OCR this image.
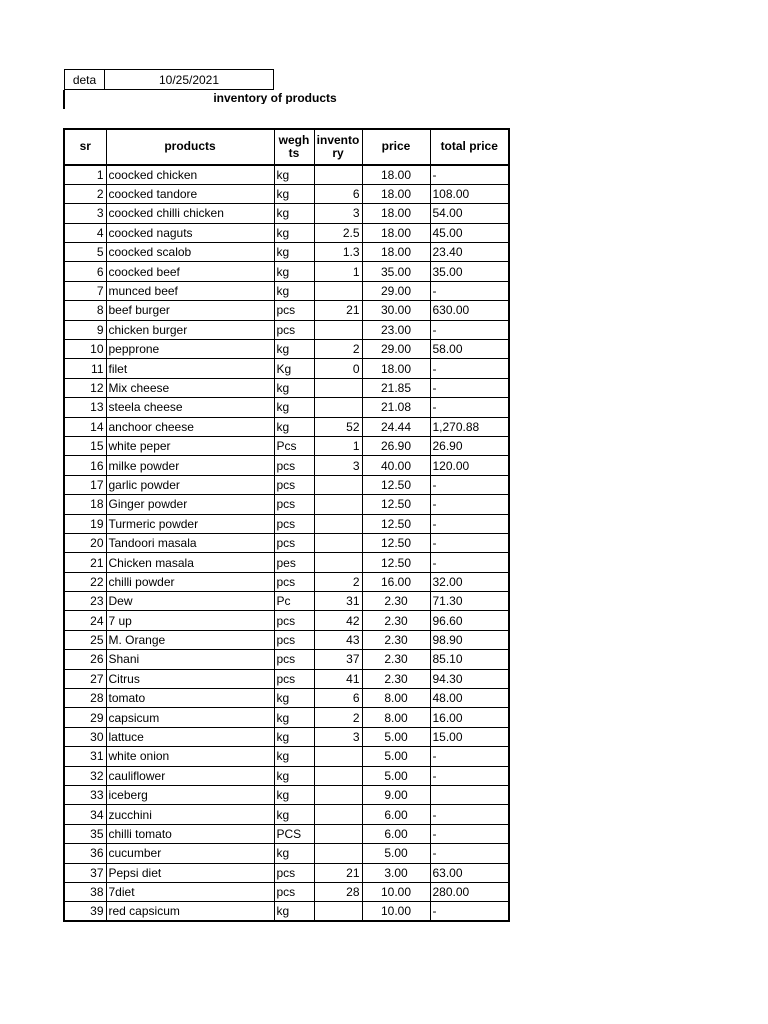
deta	10/25/2021
inventory of products
sr	products	wegh ts	invento ry	price	total price
1	coocked chicken	kg		18.00	-
2	coocked tandore	kg	6	18.00	108.00
3	coocked chilli chicken	kg	3	18.00	54.00
4	coocked naguts	kg	2.5	18.00	45.00
5	coocked scalob	kg	1.3	18.00	23.40
6	coocked beef	kg	1	35.00	35.00
7	munced beef	kg		29.00	-
8	beef burger	pcs	21	30.00	630.00
9	chicken burger	pcs		23.00	-
10	pepprone	kg	2	29.00	58.00
11	filet	Kg	0	18.00	-
12	Mix cheese	kg		21.85	-
13	steela cheese	kg		21.08	-
14	anchoor cheese	kg	52	24.44	1,270.88
15	white peper	Pcs	1	26.90	26.90
16	milke powder	pcs	3	40.00	120.00
17	garlic powder	pcs		12.50	-
18	Ginger powder	pcs		12.50	-
19	Turmeric powder	pcs		12.50	-
20	Tandoori masala	pcs		12.50	-
21	Chicken masala	pes		12.50	-
22	chilli powder	pcs	2	16.00	32.00
23	Dew	Pc	31	2.30	71.30
24	7 up	pcs	42	2.30	96.60
25	M. Orange	pcs	43	2.30	98.90
26	Shani	pcs	37	2.30	85.10
27	Citrus	pcs	41	2.30	94.30
28	tomato	kg	6	8.00	48.00
29	capsicum	kg	2	8.00	16.00
30	lattuce	kg	3	5.00	15.00
31	white onion	kg		5.00	-
32	cauliflower	kg		5.00	-
33	iceberg	kg		9.00	
34	zucchini	kg		6.00	-
35	chilli tomato	PCS		6.00	-
36	cucumber	kg		5.00	-
37	Pepsi diet	pcs	21	3.00	63.00
38	7diet	pcs	28	10.00	280.00
39	red capsicum	kg		10.00	-
